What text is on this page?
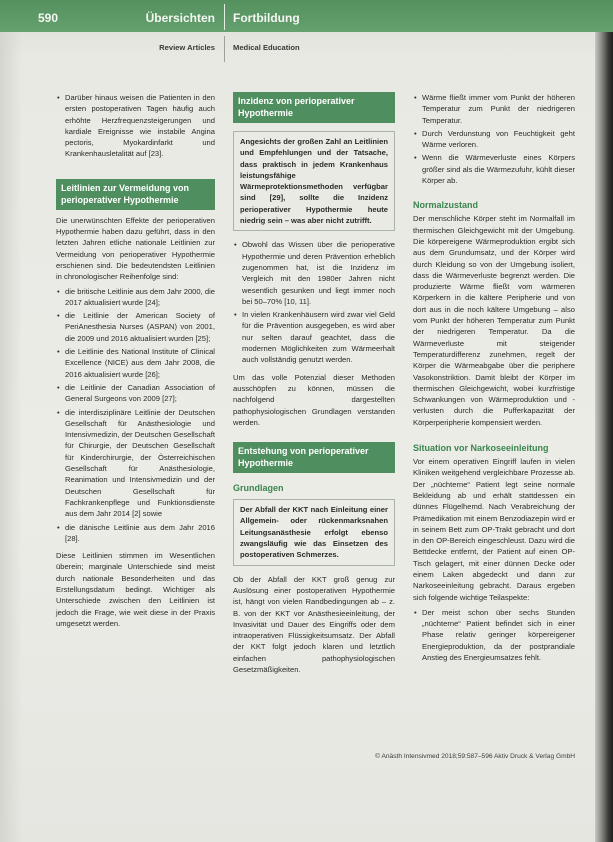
590	Übersichten Fortbildung
Review Articles Medical Education
• Darüber hinaus weisen die Patienten in den ersten postoperativen Tagen häufig auch erhöhte Herzfrequenzsteigerungen und kardiale Ereignisse wie instabile Angina pectoris, Myokardinfarkt und Krankenhausletalität auf [23].
Leitlinien zur Vermeidung von perioperativer Hypothermie

Die unerwünschten Effekte der perioperativen Hypothermie haben dazu geführt, dass in den letzten Jahren etliche nationale Leitlinien zur Vermeidung von perioperativer Hypothermie erschienen sind. Die bedeutendsten Leitlinien in chronologischer Reihenfolge sind:

• die britische Leitlinie aus dem Jahr 2000, die 2017 aktualisiert wurde [24];
• die Leitlinie der American Society of PeriAnesthesia Nurses (ASPAN) von 2001, die 2009 und 2016 aktualisiert wurden [25];
• die Leitlinie des National Institute of Clinical Excellence (NICE) aus dem Jahr 2008, die 2016 aktualisiert wurde [26];
• die Leitlinie der Canadian Association of General Surgeons von 2009 [27];
• die interdisziplinäre Leitlinie der Deutschen Gesellschaft für Anästhesiologie und Intensivmedizin, der Deutschen Gesellschaft für Chirurgie, der Deutschen Gesellschaft für Kinderchirurgie, der Österreichischen Gesellschaft für Anästhesiologie, Reanimation und Intensivmedizin und der Deutschen Gesellschaft für Fachkrankenpflege und Funktionsdienste aus dem Jahr 2014 [2] sowie
• die dänische Leitlinie aus dem Jahr 2016 [28].

Diese Leitlinien stimmen im Wesentlichen überein; marginale Unterschiede sind meist durch nationale Besonderheiten und das Erstellungsdatum bedingt. Wichtiger als Unterschiede zwischen den Leitlinien ist jedoch die Frage, wie weit diese in der Praxis umgesetzt werden.

Inzidenz von perioperativer Hypothermie
Angesichts der großen Zahl an Leitlinien und Empfehlungen und der Tatsache, dass praktisch in jedem Krankenhaus leistungsfähige Wärmeprotektionsmethoden verfügbar sind [29], sollte die Inzidenz perioperativer Hypothermie heute niedrig sein – was aber nicht zutrifft.
• Obwohl das Wissen über die perioperative Hypothermie und deren Prävention erheblich zugenommen hat, ist die Inzidenz im Vergleich mit den 1980er Jahren nicht wesentlich gesunken und liegt immer noch bei 50–70% [10, 11].
• In vielen Krankenhäusern wird zwar viel Geld für die Prävention ausgegeben, es wird aber nur selten darauf geachtet, dass die modernen Möglichkeiten zum Wärmeerhalt auch vollständig genutzt werden.

Um das volle Potenzial dieser Methoden ausschöpfen zu können, müssen die nachfolgend dargestellten pathophysiologischen Grundlagen verstanden werden.

Entstehung von perioperativer Hypothermie
Grundlagen
Der Abfall der KKT nach Einleitung einer Allgemein- oder rückenmarksnahen Leitungsanästhesie erfolgt ebenso zwangsläufig wie das Einsetzen des postoperativen Schmerzes.

Ob der Abfall der KKT groß genug zur Auslösung einer postoperativen Hypothermie ist, hängt von vielen Randbedingungen ab – z. B. von der KKT vor Anästhesieeinleitung, der Invasivität und Dauer des Eingriffs oder dem intraoperativen Flüssigkeitsumsatz. Der Abfall der KKT folgt jedoch klaren und letztlich einfachen pathophysiologischen Gesetzmäßigkeiten.

• Wärme fließt immer vom Punkt der höheren Temperatur zum Punkt der niedrigeren Temperatur.
• Durch Verdunstung von Feuchtigkeit geht Wärme verloren.
• Wenn die Wärmeverluste eines Körpers größer sind als die Wärmezufuhr, kühlt dieser Körper ab.
Normalzustand

Der menschliche Körper steht im Normalfall im thermischen Gleichgewicht mit der Umgebung. Die körpereigene Wärmeproduktion ergibt sich aus dem Grundumsatz, und der Körper wird durch Kleidung so von der Umgebung isoliert, dass die Wärmeverluste begrenzt werden. Die produzierte Wärme fließt vom wärmeren Körperkern in die kältere Peripherie und von dort aus in die noch kältere Umgebung – also vom Punkt der höheren Temperatur zum Punkt der niedrigeren Temperatur. Da die Wärmeverluste mit steigender Temperaturdifferenz zunehmen, regelt der Körper die Wärmeabgabe über die periphere Vasokonstriktion. Damit bleibt der Körper im thermischen Gleichgewicht, wobei kurzfristige Schwankungen von Wärmeproduktion und -verlusten durch die Pufferkapazität der Körperperipherie kompensiert werden.

Situation vor Narkoseeinleitung

Vor einem operativen Eingriff laufen in vielen Kliniken weitgehend vergleichbare Prozesse ab. Der „nüchterne“ Patient legt seine normale Bekleidung ab und erhält stattdessen ein dünnes Flügelhemd. Nach Verabreichung der Prämedikation mit einem Benzodiazepin wird er in seinem Bett zum OP-Trakt gebracht und dort in den OP-Bereich eingeschleust. Dazu wird die Bettdecke entfernt, der Patient auf einen OP-Tisch gelagert, mit einer dünnen Decke oder einem Laken abgedeckt und dann zur Narkoseeinleitung gebracht. Daraus ergeben sich folgende wichtige Teilaspekte:

• Der meist schon über sechs Stunden „nüchterne“ Patient befindet sich in einer Phase relativ geringer körpereigener Energieproduktion, da der postprandiale Anstieg des Energieumsatzes fehlt.
© Anästh Intensivmed 2018;59:587–596 Aktiv Druck & Verlag GmbH
